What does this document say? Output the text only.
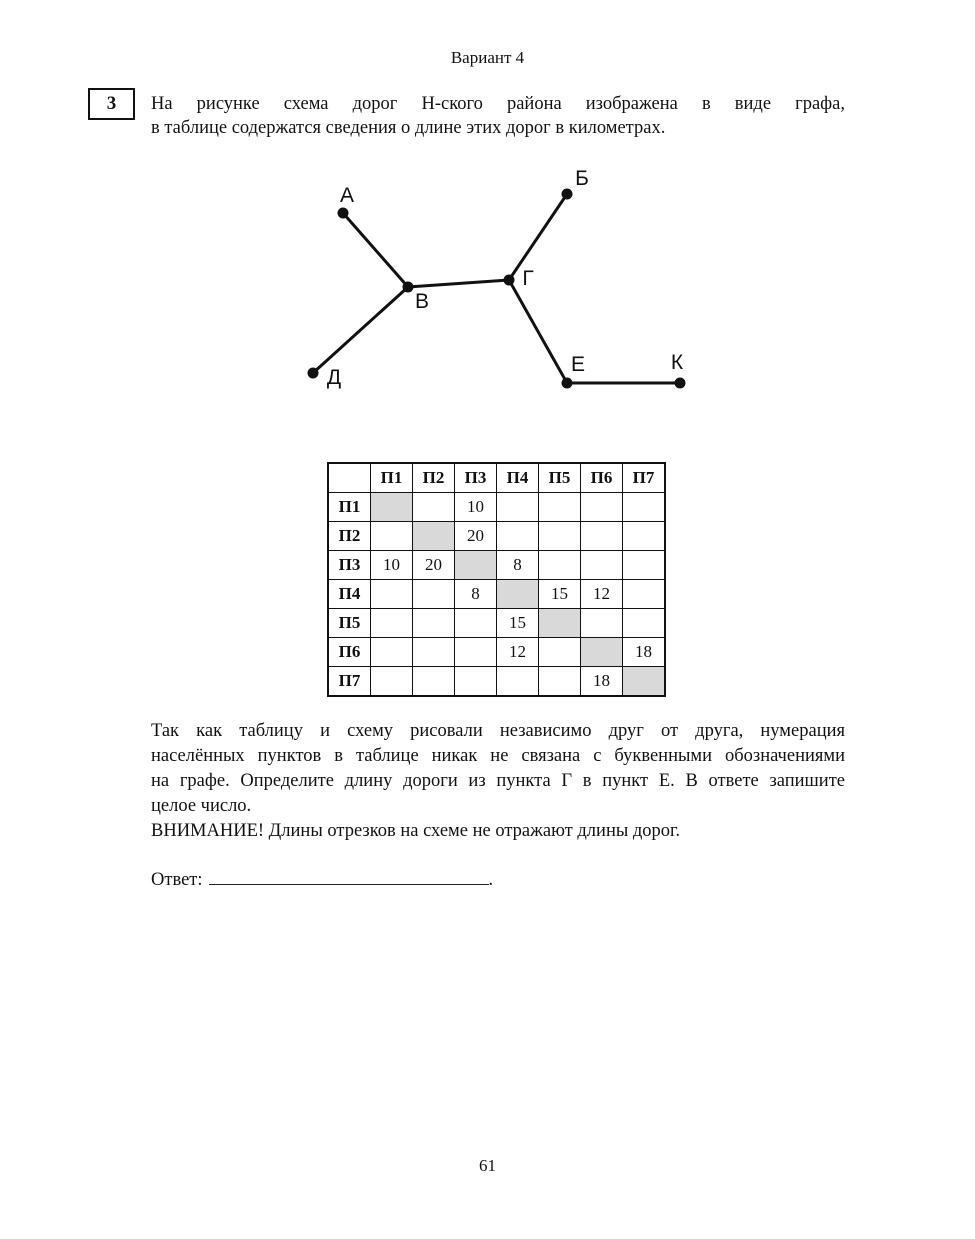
Вариант 4
3 На рисунке схема дорог Н-ского района изображена в виде графа,
в таблице содержатся сведения о длине этих дорог в километрах.
А
Б
В
Г
Д
Е	К
	П1	П2	П3	П4	П5	П6	П7
П1			10				
П2			20				
П3	10	20		8			
П4			8		15	12	
П5				15			
П6				12			18
П7						18	
Так как таблицу и схему рисовали независимо друг от друга, нумерация
населённых пунктов в таблице никак не связана с буквенными обозначениями
на графе. Определите длину дороги из пункта Г в пункт Е. В ответе запишите
целое число.
ВНИМАНИЕ! Длины отрезков на схеме не отражают длины дорог.
Ответ:	.
61
